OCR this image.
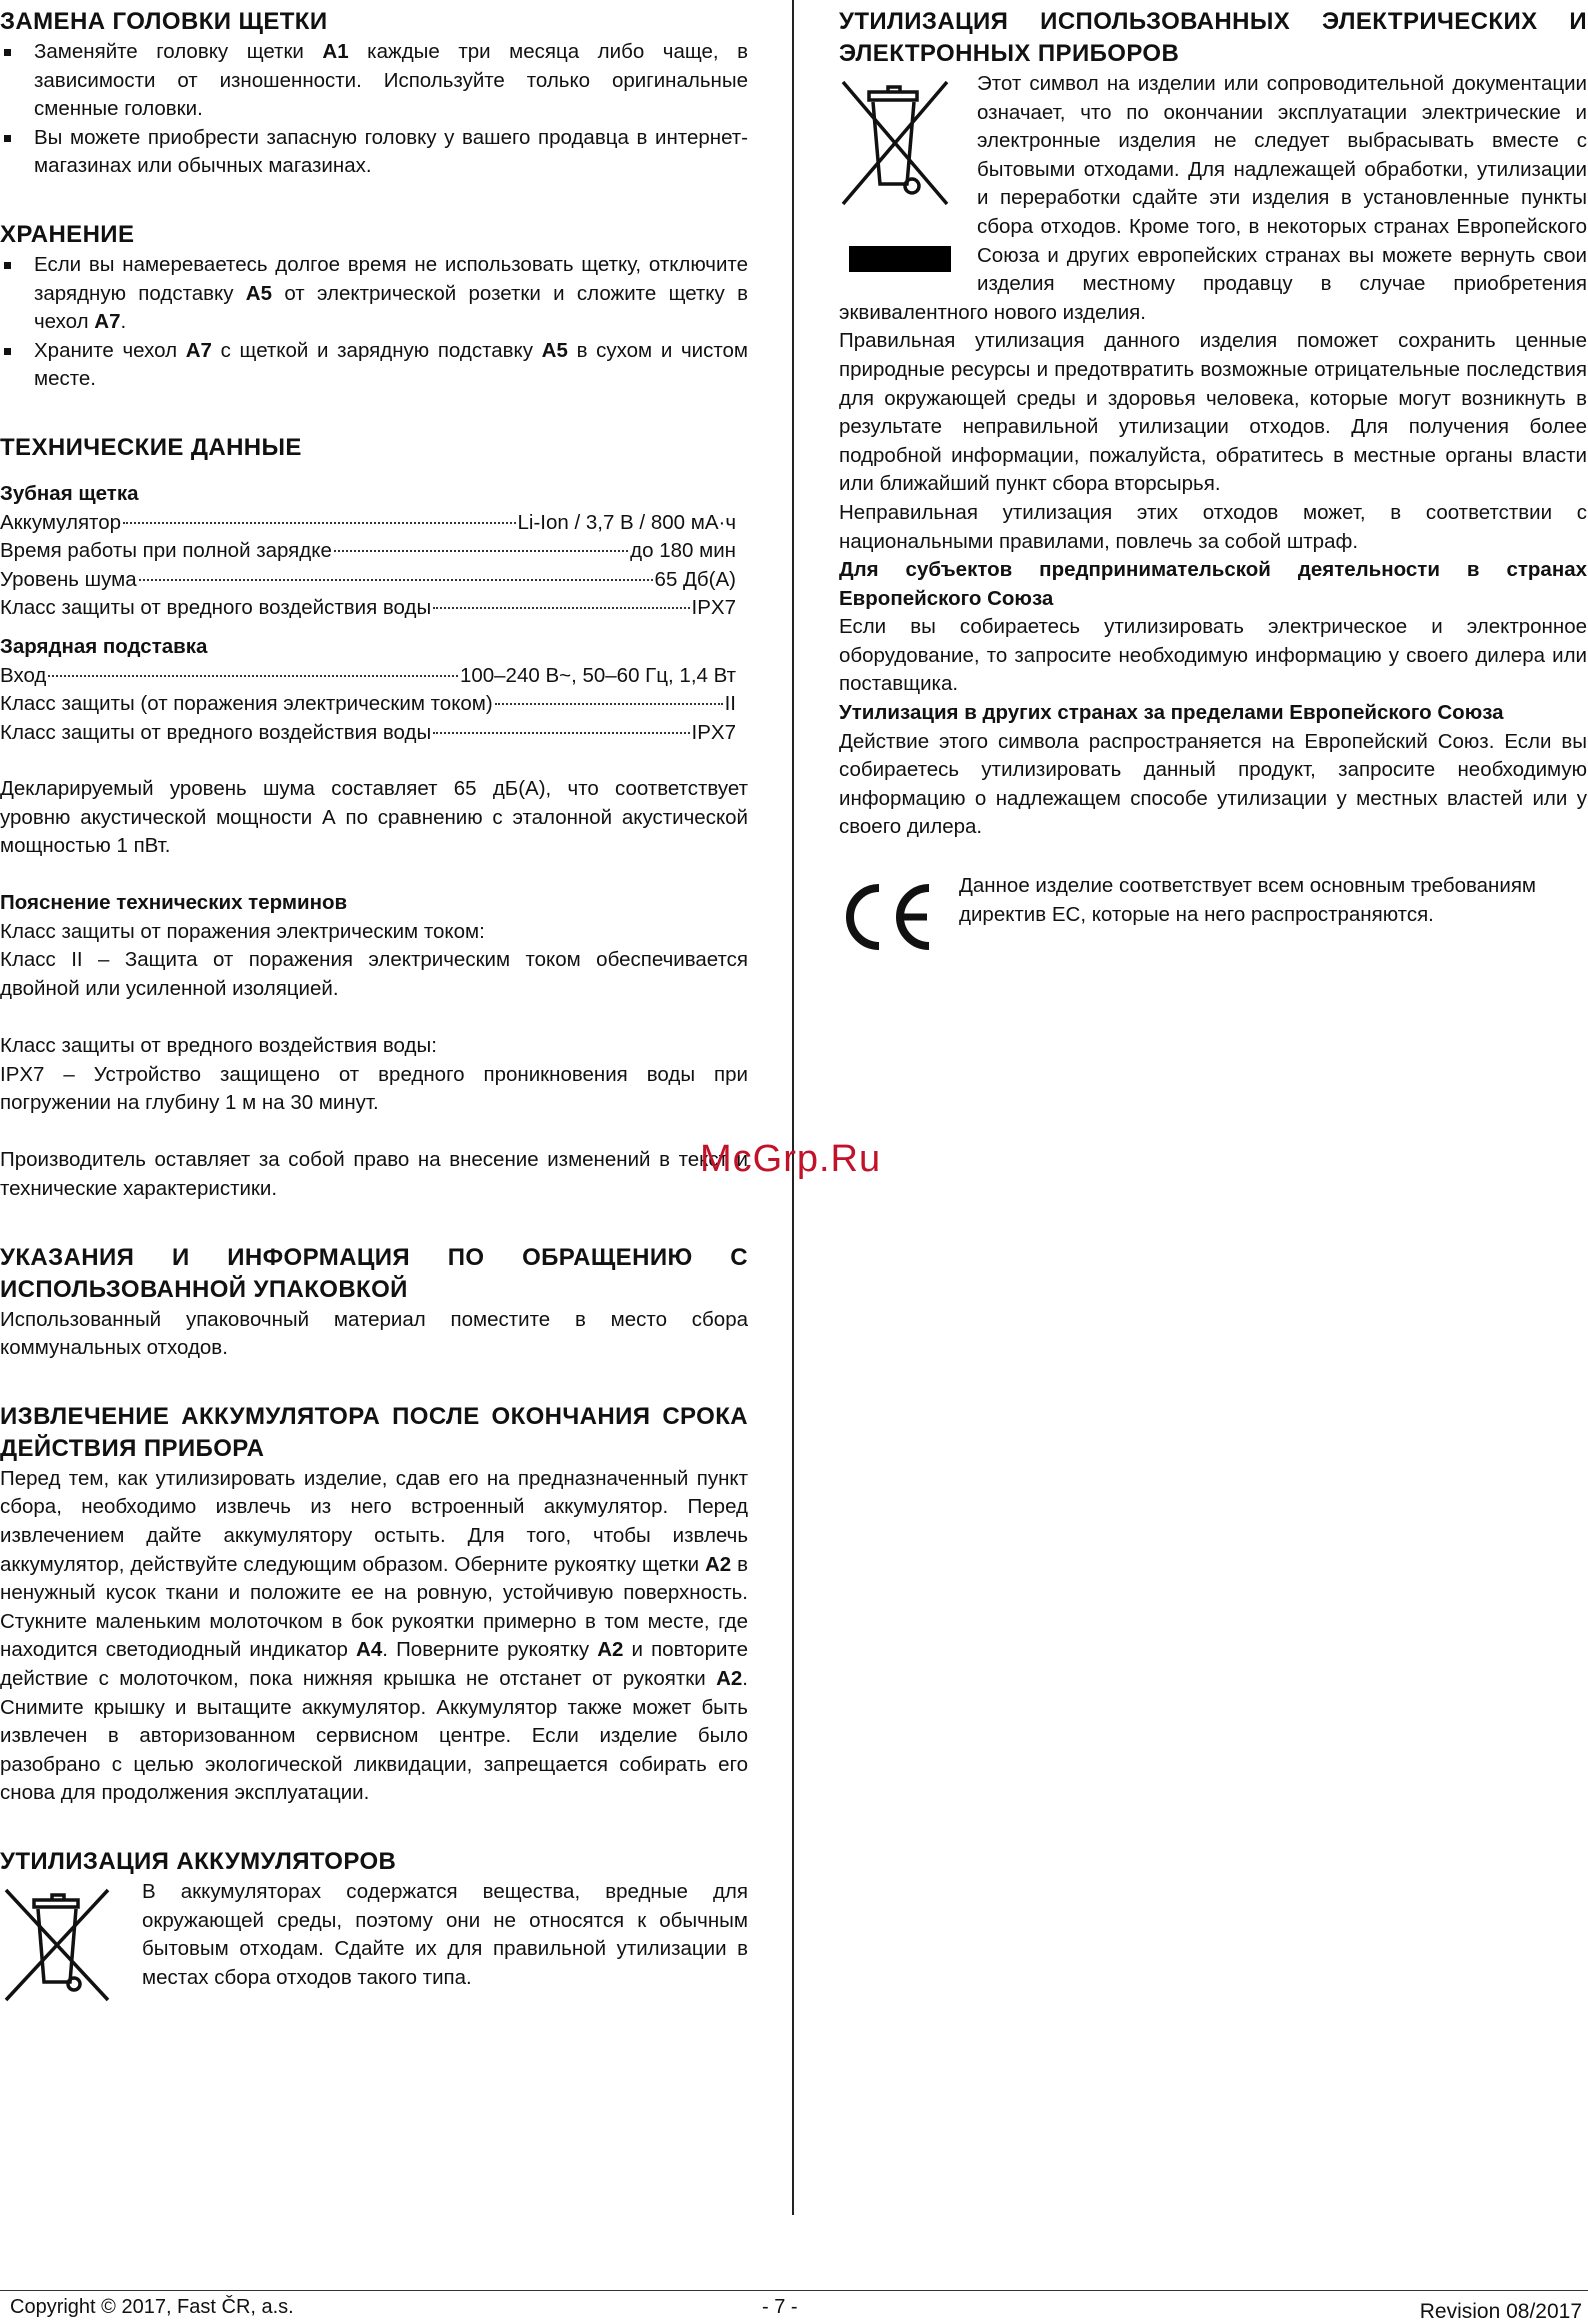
ЗАМЕНА ГОЛОВКИ ЩЕТКИ
Заменяйте головку щетки A1 каждые три месяца либо чаще, в зависимости от изношенности. Используйте только оригинальные сменные головки.
Вы можете приобрести запасную головку у вашего продавца в интернет-магазинах или обычных магазинах.
ХРАНЕНИЕ
Если вы намереваетесь долгое время не использовать щетку, отключите зарядную подставку A5 от электрической розетки и сложите щетку в чехол A7.
Храните чехол A7 с щеткой и зарядную подставку A5 в сухом и чистом месте.
ТЕХНИЧЕСКИЕ ДАННЫЕ
Зубная щетка
Аккумулятор	Li-Ion / 3,7 В / 800 мА·ч
Время работы при полной зарядке	до 180 мин
Уровень шума	65 Дб(А)
Класс защиты от вредного воздействия воды	IPX7
Зарядная подставка
Вход	100–240 В~, 50–60 Гц, 1,4 Вт
Класс защиты (от поражения электрическим током)	II
Класс защиты от вредного воздействия воды	IPX7

Декларируемый уровень шума составляет 65 дБ(А), что соответствует уровню акустической мощности А по сравнению с эталонной акустической мощностью 1 пВт.

Пояснение технических терминов

Класс защиты от поражения электрическим током:

Класс II – Защита от поражения электрическим током обеспечивается двойной или усиленной изоляцией.

Класс защиты от вредного воздействия воды:

IPX7 – Устройство защищено от вредного проникновения воды при погружении на глубину 1 м на 30 минут.

Производитель оставляет за собой право на внесение изменений в текст и технические характеристики.

УКАЗАНИЯ И ИНФОРМАЦИЯ ПО ОБРАЩЕНИЮ С ИСПОЛЬЗОВАННОЙ УПАКОВКОЙ

Использованный упаковочный материал поместите в место сбора коммунальных отходов.

ИЗВЛЕЧЕНИЕ АККУМУЛЯТОРА ПОСЛЕ ОКОНЧАНИЯ СРОКА ДЕЙСТВИЯ ПРИБОРА

Перед тем, как утилизировать изделие, сдав его на предназначенный пункт сбора, необходимо извлечь из него встроенный аккумулятор. Перед извлечением дайте аккумулятору остыть. Для того, чтобы извлечь аккумулятор, действуйте следующим образом. Оберните рукоятку щетки A2 в ненужный кусок ткани и положите ее на ровную, устойчивую поверхность. Стукните маленьким молоточком в бок рукоятки примерно в том месте, где находится светодиодный индикатор A4. Поверните рукоятку A2 и повторите действие с молоточком, пока нижняя крышка не отстанет от рукоятки A2. Снимите крышку и вытащите аккумулятор. Аккумулятор также может быть извлечен в авторизованном сервисном центре. Если изделие было разобрано с целью экологической ликвидации, запрещается собирать его снова для продолжения эксплуатации.

УТИЛИЗАЦИЯ АККУМУЛЯТОРОВ

В аккумуляторах содержатся вещества, вредные для окружающей среды, поэтому они не относятся к обычным бытовым отходам. Сдайте их для правильной утилизации в местах сбора отходов такого типа.

УТИЛИЗАЦИЯ ИСПОЛЬЗОВАННЫХ ЭЛЕКТРИЧЕСКИХ И ЭЛЕКТРОННЫХ ПРИБОРОВ

Этот символ на изделии или сопроводительной документации означает, что по окончании эксплуатации электрические и электронные изделия не следует выбрасывать вместе с бытовыми отходами. Для надлежащей обработки, утилизации и переработки сдайте эти изделия в установленные пункты сбора отходов. Кроме того, в некоторых странах Европейского Союза и других европейских странах вы можете вернуть свои изделия местному продавцу в случае приобретения эквивалентного нового изделия.

Правильная утилизация данного изделия поможет сохранить ценные природные ресурсы и предотвратить возможные отрицательные последствия для окружающей среды и здоровья человека, которые могут возникнуть в результате неправильной утилизации отходов. Для получения более подробной информации, пожалуйста, обратитесь в местные органы власти или ближайший пункт сбора вторсырья.

Неправильная утилизация этих отходов может, в соответствии с национальными правилами, повлечь за собой штраф.

Для субъектов предпринимательской деятельности в странах Европейского Союза

Если вы собираетесь утилизировать электрическое и электронное оборудование, то запросите необходимую информацию у своего дилера или поставщика.

Утилизация в других странах за пределами Европейского Союза

Действие этого символа распространяется на Европейский Союз. Если вы собираетесь утилизировать данный продукт, запросите необходимую информацию о надлежащем способе утилизации у местных властей или у своего дилера.

Данное изделие соответствует всем основным требованиям директив ЕС, которые на него распространяются.

McGrp.Ru
Copyright © 2017, Fast ČR, a.s.	- 7 -	Revision 08/2017
